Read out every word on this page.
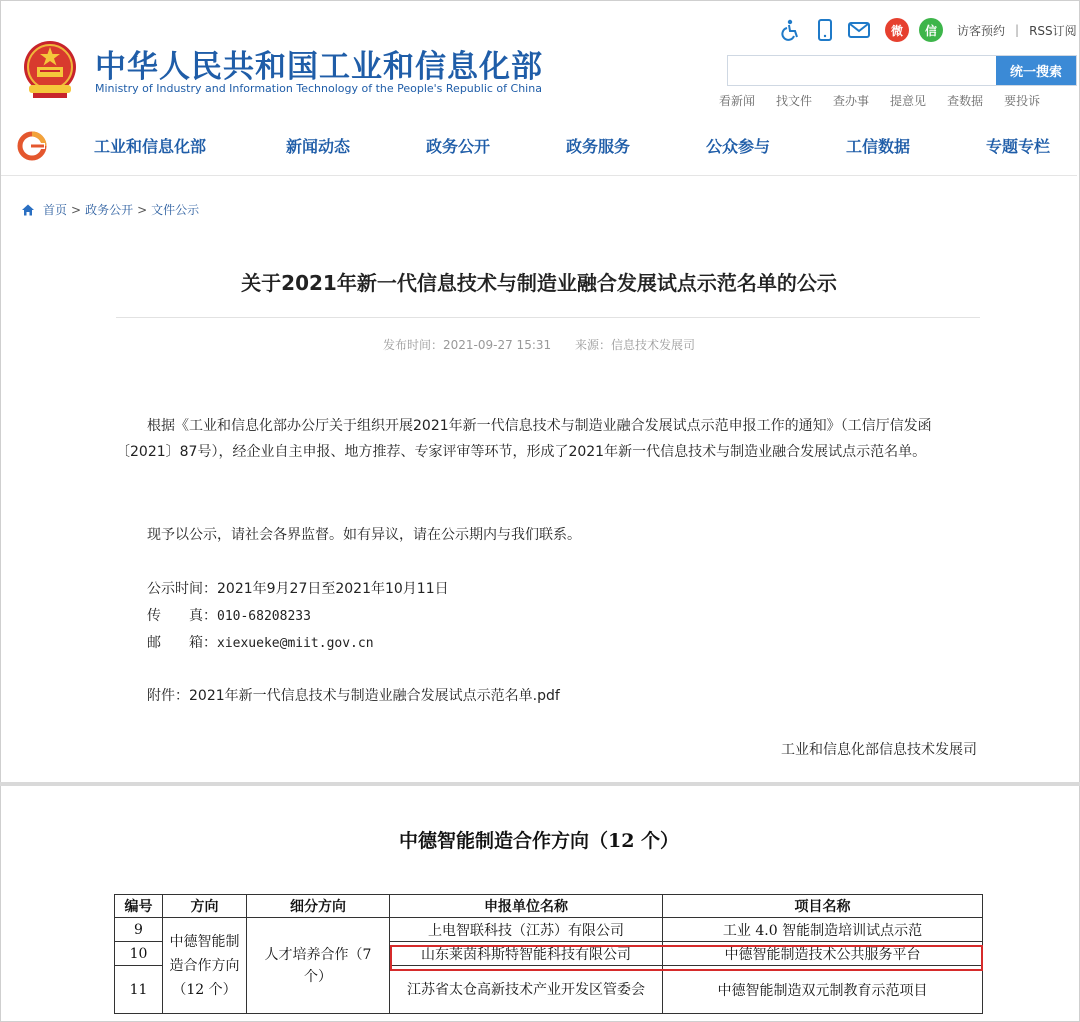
中华人民共和国工业和信息化部
Ministry of Industry and Information Technology of the People's Republic of China
微	信	访客预约 | RSS订阅
统一搜索
看新闻 找文件 查办事 提意见 查数据 要投诉
工业和信息化部	新闻动态	政务公开	政务服务	公众参与	工信数据	专题专栏
首页 > 政务公开 > 文件公示
关于2021年新一代信息技术与制造业融合发展试点示范名单的公示
发布时间：2021-09-27 15:31 来源：信息技术发展司
根据《工业和信息化部办公厅关于组织开展2021年新一代信息技术与制造业融合发展试点示范申报工作的通知》（工信厅信发函〔2021〕87号），经企业自主申报、地方推荐、专家评审等环节，形成了2021年新一代信息技术与制造业融合发展试点示范名单。
现予以公示，请社会各界监督。如有异议，请在公示期内与我们联系。
公示时间：2021年9月27日至2021年10月11日
传　　真：010-68208233
邮　　箱：xiexueke@miit.gov.cn
附件：2021年新一代信息技术与制造业融合发展试点示范名单.pdf
工业和信息化部信息技术发展司
中德智能制造合作方向（12 个）
编号	方向	细分方向	申报单位名称	项目名称
9	中德智能制造合作方向（12 个）	人才培养合作（7 个）	上电智联科技（江苏）有限公司	工业 4.0 智能制造培训试点示范
10			山东莱茵科斯特智能科技有限公司	中德智能制造技术公共服务平台
11			江苏省太仓高新技术产业开发区管委会	中德智能制造双元制教育示范项目
